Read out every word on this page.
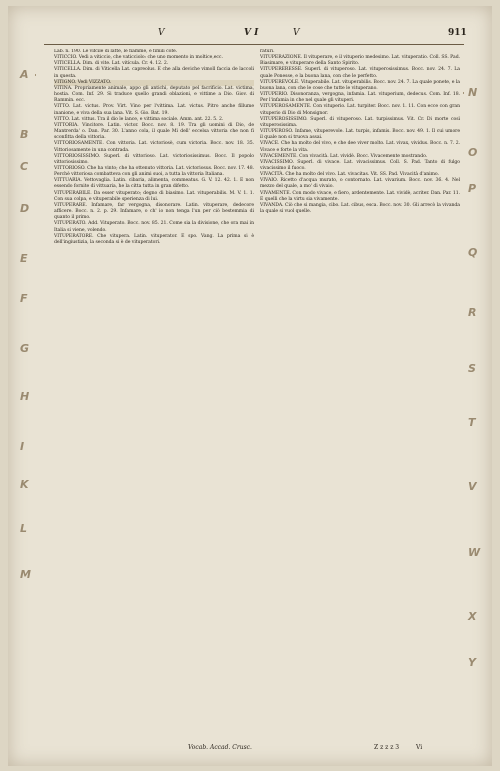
V	V I	V	911

Lab. n. 190. Le vifcile di latte, le fiamme, e fimili cofe.

VITICCIO. Vedi a viticcio, che vaticciolo: che uno momento in moltice,ecc.

VITICELLA. Dim. di vite. Lat. vitícula. Cr. 4. 12. 2.

VITICELLA. Dim. di Viticella Lat. capreolus. E che alla deviche vimoll faccia de laccoli in questa.

VITIGNO. Vedi VIZZATO.

VITINA. Propriamente animale, appo gli antichi, deputato pel facrificio. Lat. victima, hostia. Com. Inf. 29. Si traduce quello grandi oblazioni, e vittime a Dio. Giov. di Rammin. ecc.

VITTO. Lat. victus. Prov. Virt. Vino per l'vittima. Lat. victus. Pitro anche fillume inanione, e viva della sua lana. Vit. S. Gio. Bat. 19.

VITTO. Lat. vittus. Tra il dio le lance, e vittima sociale. Amm. ant. 22. 5. 2.

VITTORIA. Vincitore. Latin. victor. Bocc. nov. 8. 19. Tra gli uomini di Dio, de Mantrerda' o. Dan. Par. 30. L'anno cola, il quale Mi dell' eccelsa vittoria che non fi sconfitta della vittoria.

VITTORIOSAMENTE. Con vittoria. Lat. victoriosè, cum victoria. Bocc. nov. 18. 35. Vittoriosamente in una contrada.

VITTORIOSISSIMO. Superl. di vittorioso. Lat. victoriosissimus. Bocc. Il popolo vittoriosissimo.

VITTORIOSO. Che ha vinto; che ha ottenuto vittoria. Lat. victoriosus. Bocc. nov. 17. 48. Perchè vittoriosa combatteva con gli animi suoi, a tutta la vittoria Italiana.

VITTUARIA. Vettovaglia. Latin. cibaria, alimenta, commeatus. G. V. 12. 42. 1. E non essendo fornite di vittuaria, he la citta tutta in gran difetto.

VITUPERABILE. Da esser vituperato; degno di biasimo. Lat. vituperabilis. M. V. 1. 1. Con sua colpa, e vituperabile sperienza di lui.

VITUPERARE. Infamare, far vergogna, disonorare. Latin. vituperare, dedecore afficere. Bocc. n. 2. p. 29. Infamare, o ch' io non tenga l'un per ciò bestemmia di quanto il primo.

VITUPERATO. Add. Vituperato. Bocc. nov. 85. 21. Come sia la divisione, che ora mai in Italia si viene, volendo.

VITUPERATORE. Che vitupera. Latin. vituperator. E spo. Vang. La prima si è dell'ingiustizia, la seconda si è de vituperatori.

raturi.

VITUPERAZIONE. Il vituperare, e il vituperio medesimo. Lat. vituperatio. Coll. SS. Pad. Biasimare, e vituperare della Santo Spirito.

VITUPERERESSE. Superl. di vituperoso. Lat. vituperosissimus. Bocc. nov. 24. 7. La quale Ponesse, e la buona lana, con che le perfetto.

VITUPEREVOLE. Vituperabile. Lat. vituperabilis. Bocc. nov. 24. 7. La quale ponete, e la buona lana, con che le cose che tutte le vituperano.

VITUPERIO. Disonoranza, vergogna, infamia. Lat. vituperium, dedecus. Com. Inf. 18. Per l'infamia in che nel quale gli vituperi.

VITUPEROSAMENTE. Con vituperio. Lat. turpiter. Bocc. nov. 1. 11. Con ecce con gran vituperio di Dio di Monsignor.

VITUPEROSISSIMO. Superl. di vituperoso. Lat. turpissimus. Vit. Cr. Di morte così vituperosissima.

VITUPEROSO. Infame, vituperevole. Lat. turpis, infamis. Bocc. nov. 49. 1. Il cui umore il quale non si truova assai.

VIVACE. Che ha molto del vivo, e che dee viver molto. Lat. vivax, vividus. Bocc. n. 7. 2. Vivace e forte la vita.

VIVACEMENTE. Con vivacità. Lat. vividè. Bocc. Vivacemente mostrando.

VIVACISSIMO. Superl. di vivace. Lat. vivacissimus. Coll. S. Pad. Tanto di fulgo vivacissimo il fuoco.

VIVACITÀ. Che ha molto del vivo. Lat. vivacitas. Vit. SS. Pad. Vivacità d'animo.

VIVAIO. Ricetto d'acqua murato, o contornato. Lat. vivarium. Bocc. nov. 36. 4. Nel mezzo del quale, a mo' di vivaio.

VIVAMENTE. Con modo vivace, e fiero, ardentemente. Lat. vividè, acriter. Dan. Par. 11. E quelli che la virtu sia vivamente.

VIVANDA. Ciò che si mangia, cibo. Lat. cibus, esca. Bocc. nov. 30. Gli arrecò la vivanda la quale si vuol quelle.

Vocab. Accad. Crusc.	Z z z z 3	Vi
A
B
C
D
E
F
G
H
I
K
L
M
N
O
P
Q
R
S
T
V
W
X
Y
